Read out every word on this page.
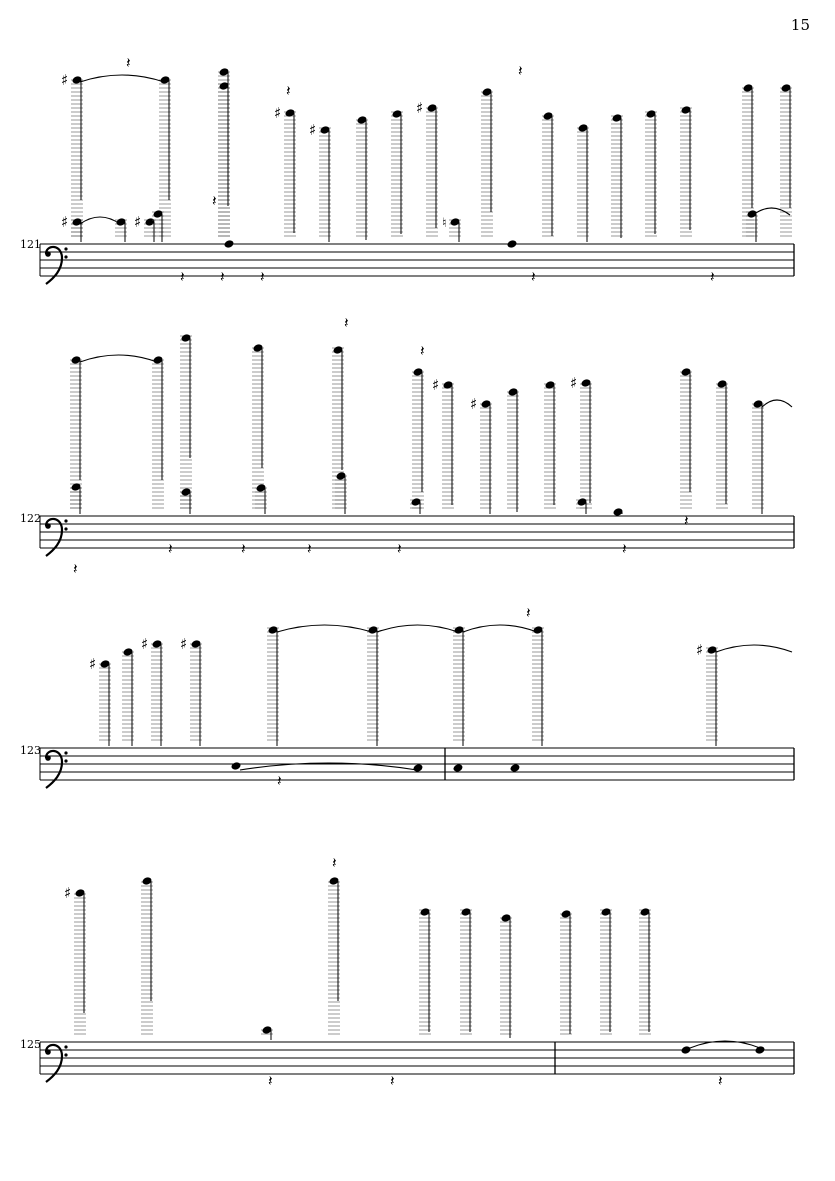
15
121
122
123
125
♯
♯
♯
♯
♯	♯	♮
𝄽
𝄽
𝄽
𝄽
𝄽 𝄽 𝄽	𝄽	𝄽
♯
♯
♯
𝄽
𝄽
𝄽
𝄽	𝄽	𝄽	𝄽
𝄽
𝄽
♯
♯ ♯	♯
𝄽
𝄽
♯
𝄽
𝄽	𝄽	𝄽
